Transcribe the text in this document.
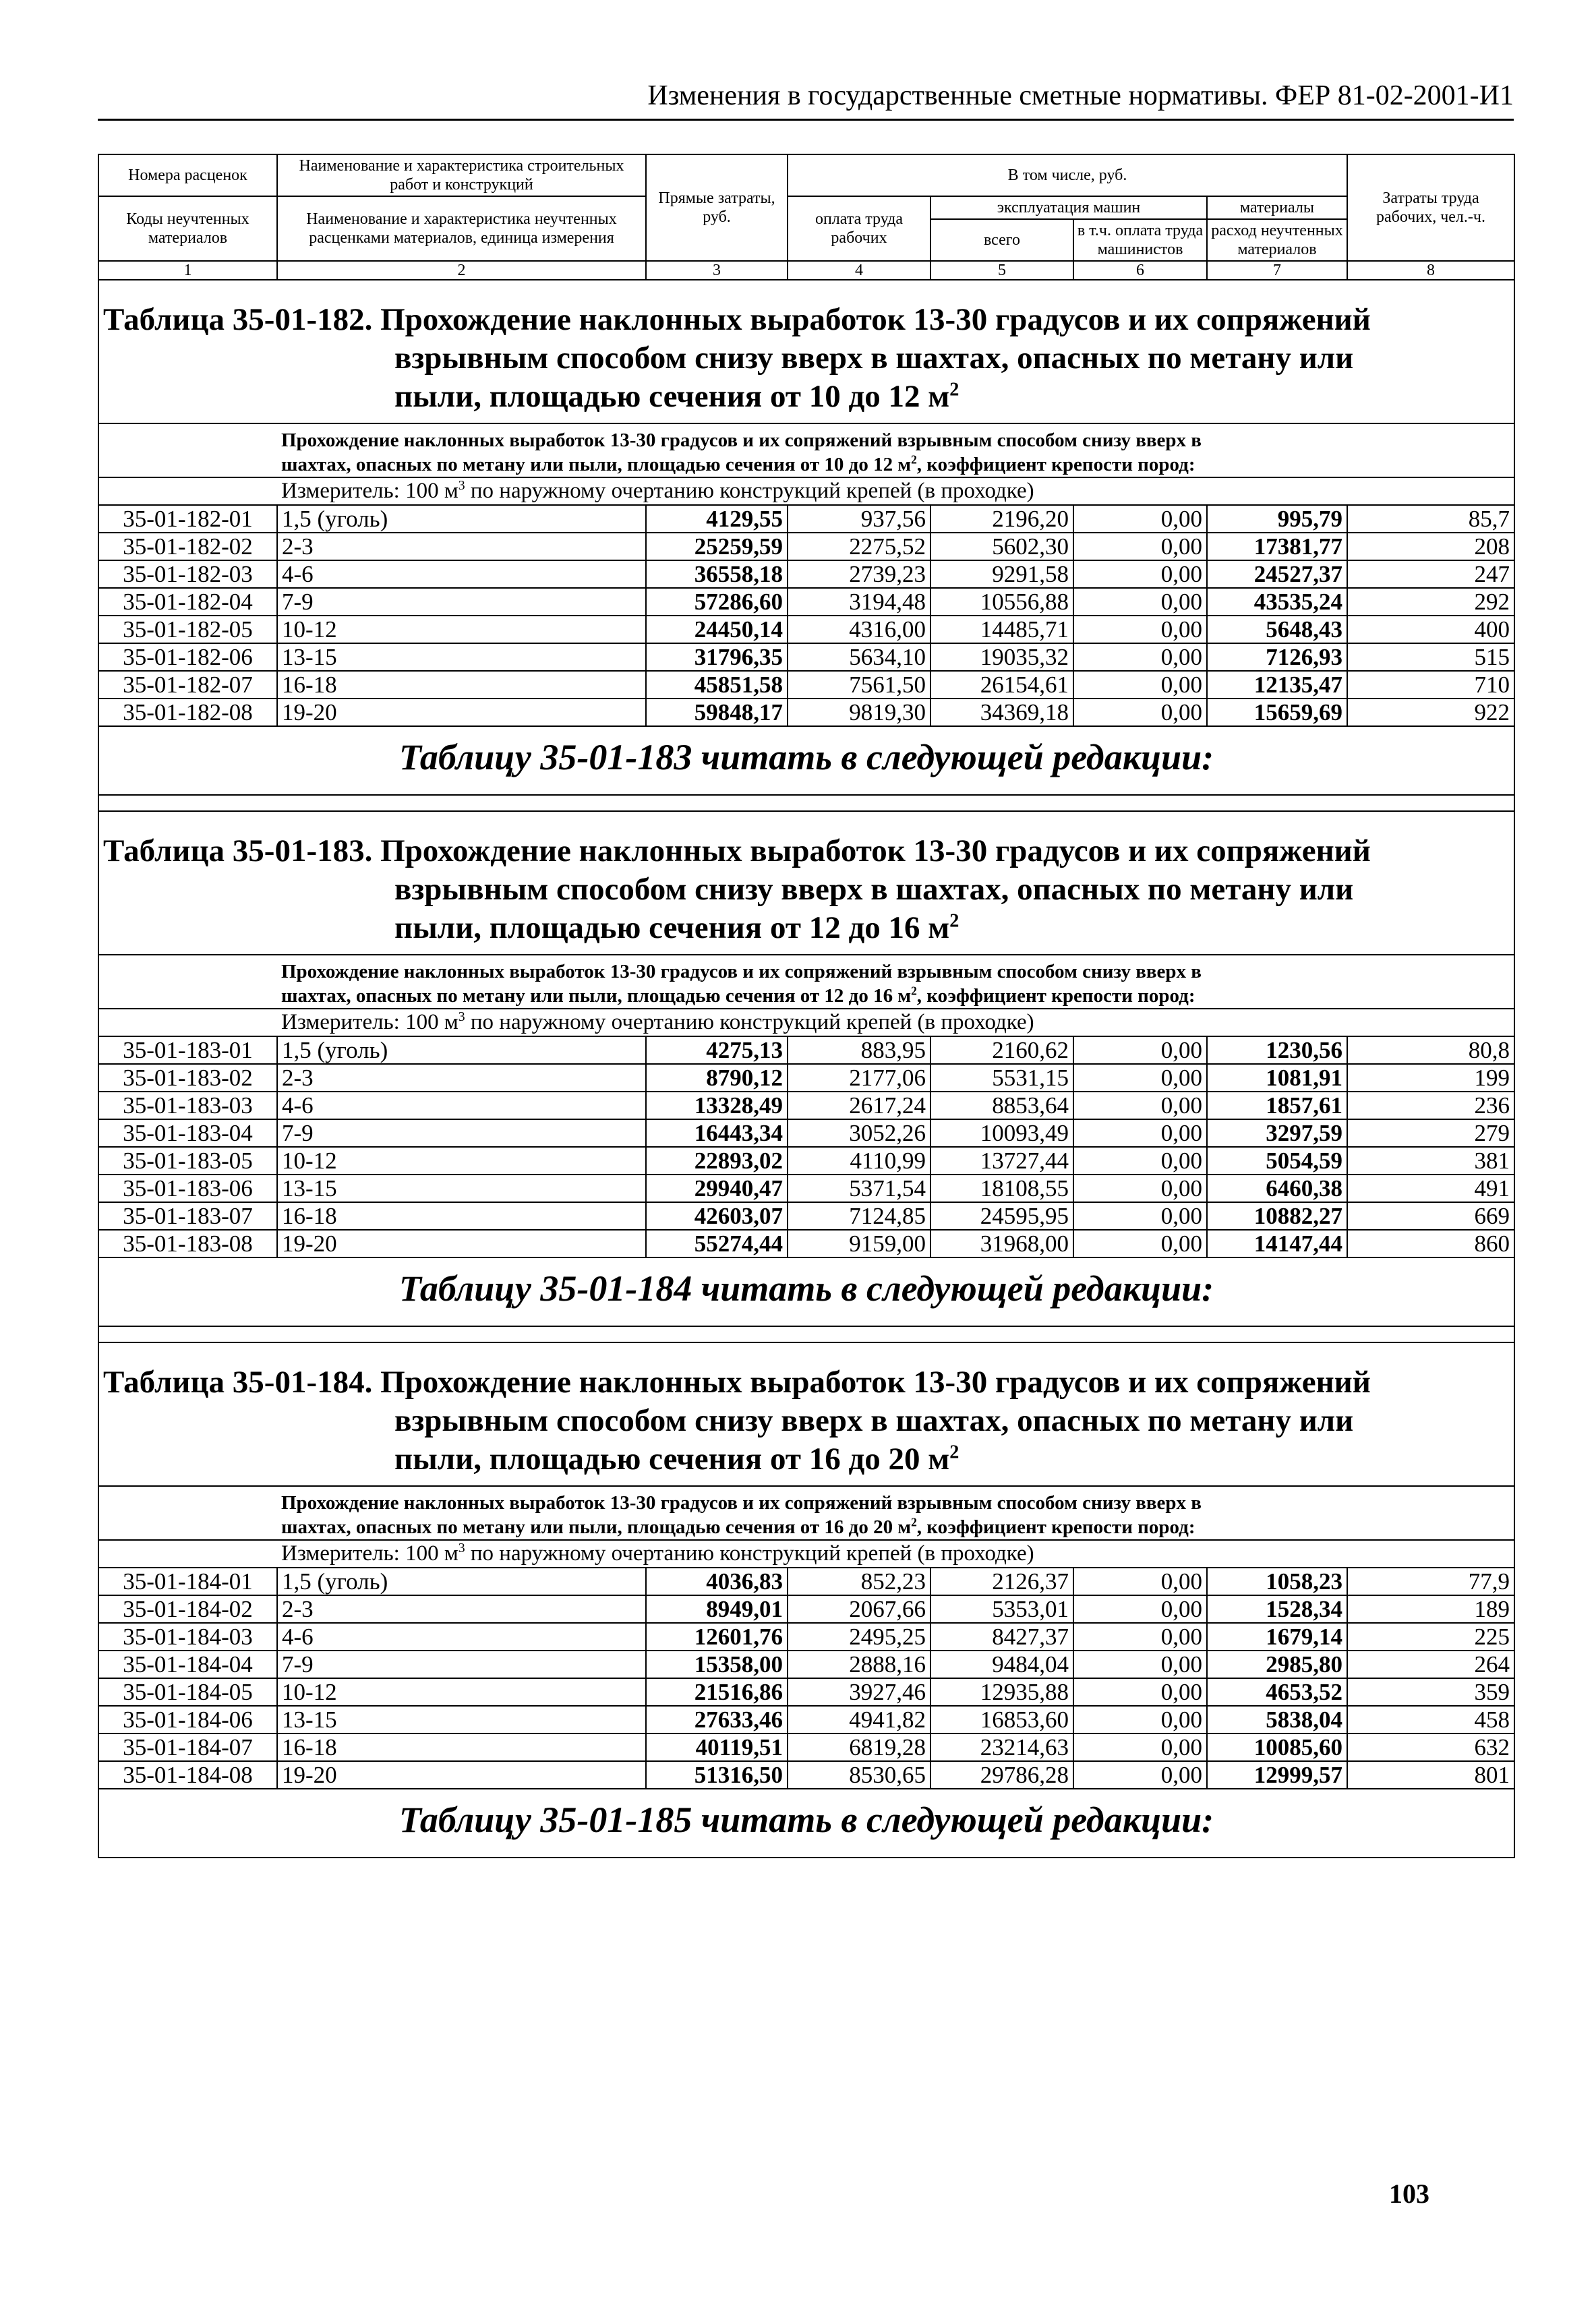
Изменения в государственные сметные нормативы. ФЕР 81-02-2001-И1
Номера расценок	Наименование и характеристика строительных работ и конструкций	Прямые затраты, руб.	В том числе, руб.				Затраты труда рабочих, чел.-ч.
Коды неучтенных материалов	Наименование и характеристика неучтенных расценками материалов, единица измерения		оплата труда рабочих	эксплуатация машин		материалы	
				всего	в т.ч. оплата труда машинистов	расход неучтенных материалов	
1	2	3	4	5	6	7	8

Таблица 35-01-182. Прохождение наклонных выработок 13-30 градусов и их сопряжений
взрывным способом снизу вверх в шахтах, опасных по метану или
пыли, площадью сечения от 10 до 12 $м^2$

Прохождение наклонных выработок 13-30 градусов и их сопряжений взрывным способом снизу вверх в
шахтах, опасных по метану или пыли, площадью сечения от 10 до 12 $м^2$, коэффициент крепости пород:							
Измеритель: 100 $м^3$ по наружному очертанию конструкций крепей (в проходке)							
35-01-182-01	1,5 (уголь)	4129,55	937,56	2196,20	0,00	995,79	85,7
35-01-182-02	2-3	25259,59	2275,52	5602,30	0,00	17381,77	208
35-01-182-03	4-6	36558,18	2739,23	9291,58	0,00	24527,37	247
35-01-182-04	7-9	57286,60	3194,48	10556,88	0,00	43535,24	292
35-01-182-05	10-12	24450,14	4316,00	14485,71	0,00	5648,43	400
35-01-182-06	13-15	31796,35	5634,10	19035,32	0,00	7126,93	515
35-01-182-07	16-18	45851,58	7561,50	26154,61	0,00	12135,47	710
35-01-182-08	19-20	59848,17	9819,30	34369,18	0,00	15659,69	922
Таблицу 35-01-183 читать в следующей редакции:							

Таблица 35-01-183. Прохождение наклонных выработок 13-30 градусов и их сопряжений
взрывным способом снизу вверх в шахтах, опасных по метану или
пыли, площадью сечения от 12 до 16 $м^2$

Прохождение наклонных выработок 13-30 градусов и их сопряжений взрывным способом снизу вверх в
шахтах, опасных по метану или пыли, площадью сечения от 12 до 16 $м^2$, коэффициент крепости пород:							
Измеритель: 100 $м^3$ по наружному очертанию конструкций крепей (в проходке)							
35-01-183-01	1,5 (уголь)	4275,13	883,95	2160,62	0,00	1230,56	80,8
35-01-183-02	2-3	8790,12	2177,06	5531,15	0,00	1081,91	199
35-01-183-03	4-6	13328,49	2617,24	8853,64	0,00	1857,61	236
35-01-183-04	7-9	16443,34	3052,26	10093,49	0,00	3297,59	279
35-01-183-05	10-12	22893,02	4110,99	13727,44	0,00	5054,59	381
35-01-183-06	13-15	29940,47	5371,54	18108,55	0,00	6460,38	491
35-01-183-07	16-18	42603,07	7124,85	24595,95	0,00	10882,27	669
35-01-183-08	19-20	55274,44	9159,00	31968,00	0,00	14147,44	860
Таблицу 35-01-184 читать в следующей редакции:							

Таблица 35-01-184. Прохождение наклонных выработок 13-30 градусов и их сопряжений
взрывным способом снизу вверх в шахтах, опасных по метану или
пыли, площадью сечения от 16 до 20 $м^2$

Прохождение наклонных выработок 13-30 градусов и их сопряжений взрывным способом снизу вверх в
шахтах, опасных по метану или пыли, площадью сечения от 16 до 20 $м^2$, коэффициент крепости пород:							
Измеритель: 100 $м^3$ по наружному очертанию конструкций крепей (в проходке)							
35-01-184-01	1,5 (уголь)	4036,83	852,23	2126,37	0,00	1058,23	77,9
35-01-184-02	2-3	8949,01	2067,66	5353,01	0,00	1528,34	189
35-01-184-03	4-6	12601,76	2495,25	8427,37	0,00	1679,14	225
35-01-184-04	7-9	15358,00	2888,16	9484,04	0,00	2985,80	264
35-01-184-05	10-12	21516,86	3927,46	12935,88	0,00	4653,52	359
35-01-184-06	13-15	27633,46	4941,82	16853,60	0,00	5838,04	458
35-01-184-07	16-18	40119,51	6819,28	23214,63	0,00	10085,60	632
35-01-184-08	19-20	51316,50	8530,65	29786,28	0,00	12999,57	801
Таблицу 35-01-185 читать в следующей редакции:							
103
